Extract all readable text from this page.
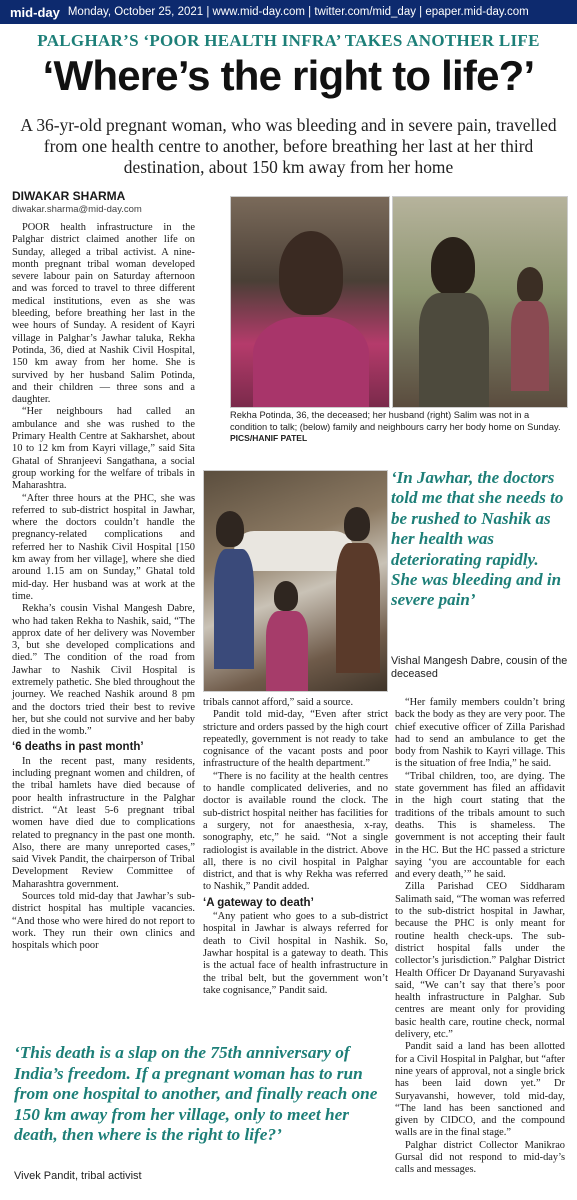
mid-day Monday, October 25, 2021 | www.mid-day.com | twitter.com/mid_day | epaper.mid-day.com
PALGHAR’S ‘POOR HEALTH INFRA’ TAKES ANOTHER LIFE
‘Where’s the right to life?’
A 36-yr-old pregnant woman, who was bleeding and in severe pain, travelled from one health centre to another, before breathing her last at her third destination, about 150 km away from her home
DIWAKAR SHARMA
diwakar.sharma@mid-day.com
Rekha Potinda, 36, the deceased; her husband (right) Salim was not in a condition to talk; (below) family and neighbours carry her body home on Sunday. PICS/HANIF PATEL

POOR health infrastructure in the Palghar district claimed another life on Sunday, alleged a tribal activist. A nine-month pregnant tribal woman developed severe labour pain on Saturday afternoon and was forced to travel to three different medical institutions, even as she was bleeding, before breathing her last in the wee hours of Sunday. A resident of Kayri village in Palghar’s Jawhar taluka, Rekha Potinda, 36, died at Nashik Civil Hospital, 150 km away from her home. She is survived by her husband Salim Potinda, and their children — three sons and a daughter.

“Her neighbours had called an ambulance and she was rushed to the Primary Health Centre at Sakharshet, about 10 to 12 km from Kayri village,” said Sita Ghatal of Shranjeevi Sangathana, a social group working for the welfare of tribals in Maharashtra.

“After three hours at the PHC, she was referred to sub-district hospital in Jawhar, where the doctors couldn’t handle the pregnancy-related complications and referred her to Nashik Civil Hospital [150 km away from her village], where she died around 1.15 am on Sunday,” Ghatal told mid-day. Her husband was at work at the time.

Rekha’s cousin Vishal Mangesh Dabre, who had taken Rekha to Nashik, said, “The approx date of her delivery was November 3, but she developed complications and died.” The condition of the road from Jawhar to Nashik Civil Hospital is extremely pathetic. She bled throughout the journey. We reached Nashik around 8 pm and the doctors tried their best to revive her, but she could not survive and her baby died in the womb.”

‘6 deaths in past month’

In the recent past, many residents, including pregnant women and children, of the tribal hamlets have died because of poor health infrastructure in the Palghar district. “At least 5-6 pregnant tribal women have died due to complications related to pregnancy in the past one month. Also, there are many unreported cases,” said Vivek Pandit, the chairperson of Tribal Development Review Committee of Maharashtra government.

Sources told mid-day that Jawhar’s sub-district hospital has multiple vacancies. “And those who were hired do not report to work. They run their own clinics and hospitals which poor

‘In Jawhar, the doctors told me that she needs to be rushed to Nashik as her health was deteriorating rapidly. She was bleeding and in severe pain’
Vishal Mangesh Dabre, cousin of the deceased

tribals cannot afford,” said a source.

Pandit told mid-day, “Even after strict stricture and orders passed by the high court repeatedly, government is not ready to take cognisance of the vacant posts and poor infrastructure of the health department.”

“There is no facility at the health centres to handle complicated deliveries, and no doctor is available round the clock. The sub-district hospital neither has facilities for a surgery, not for anaesthesia, x-ray, sonography, etc,” he said. “Not a single radiologist is available in the district. Above all, there is no civil hospital in Palghar district, and that is why Rekha was referred to Nashik,” Pandit added.

‘A gateway to death’

“Any patient who goes to a sub-district hospital in Jawhar is always referred for death to Civil hospital in Nashik. So, Jawhar hospital is a gateway to death. This is the actual face of health infrastructure in the tribal belt, but the government won’t take cognisance,” Pandit said.

“Her family members couldn’t bring back the body as they are very poor. The chief executive officer of Zilla Parishad had to send an ambulance to get the body from Nashik to Kayri village. This is the situation of free India,” he said.

“Tribal children, too, are dying. The state government has filed an affidavit in the high court stating that the traditions of the tribals amount to such deaths. This is shameless. The government is not accepting their fault in the HC. But the HC passed a stricture saying ‘you are accountable for each and every death,’” he said.

Zilla Parishad CEO Siddharam Salimath said, “The woman was referred to the sub-district hospital in Jawhar, because the PHC is only meant for routine health check-ups. The sub-district hospital falls under the collector’s jurisdiction.” Palghar District Health Officer Dr Dayanand Suryavashi said, “We can’t say that there’s poor health infrastructure in Palghar. Sub centres are meant only for providing basic health care, routine check, normal delivery, etc.”

Pandit said a land has been allotted for a Civil Hospital in Palghar, but “after nine years of approval, not a single brick has been laid down yet.” Dr Suryavanshi, however, told mid-day, “The land has been sanctioned and given by CIDCO, and the compound walls are in the final stage.”

Palghar district Collector Manikrao Gursal did not respond to mid-day’s calls and messages.

‘This death is a slap on the 75th anniversary of India’s freedom. If a pregnant woman has to run from one hospital to another, and finally reach one 150 km away from her village, only to meet her death, then where is the right to life?’
Vivek Pandit, tribal activist
